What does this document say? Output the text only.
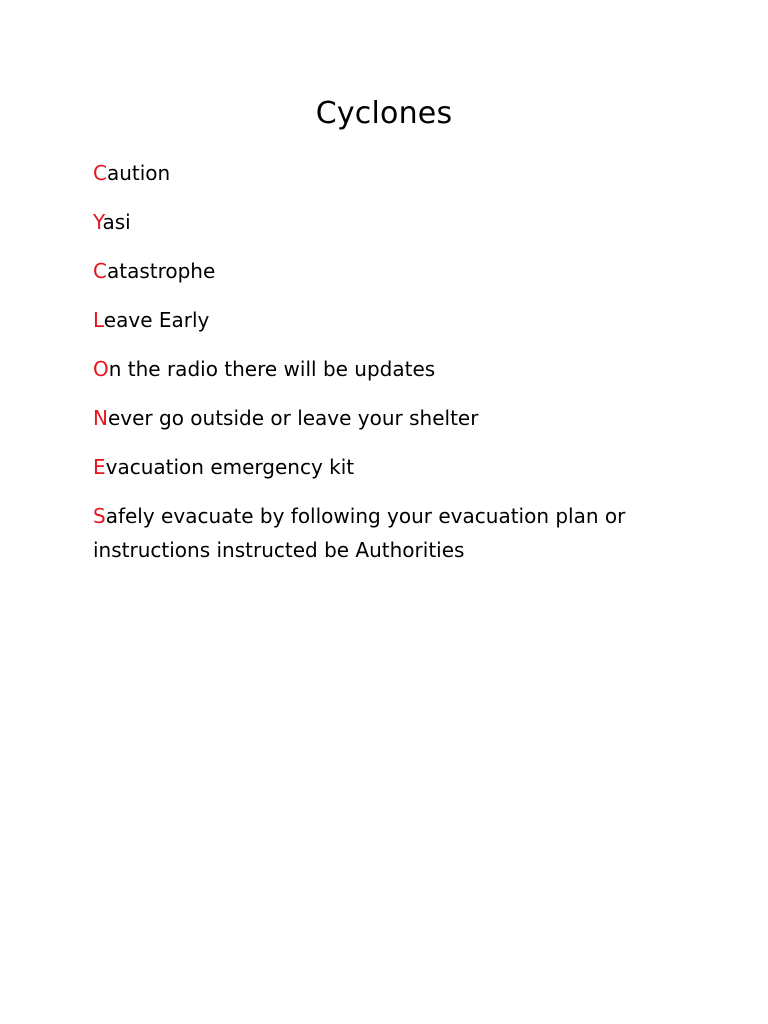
Cyclones
Caution
Yasi
Catastrophe
Leave Early
On the radio there will be updates
Never go outside or leave your shelter
Evacuation emergency kit
Safely evacuate by following your evacuation plan or instructions instructed be Authorities
